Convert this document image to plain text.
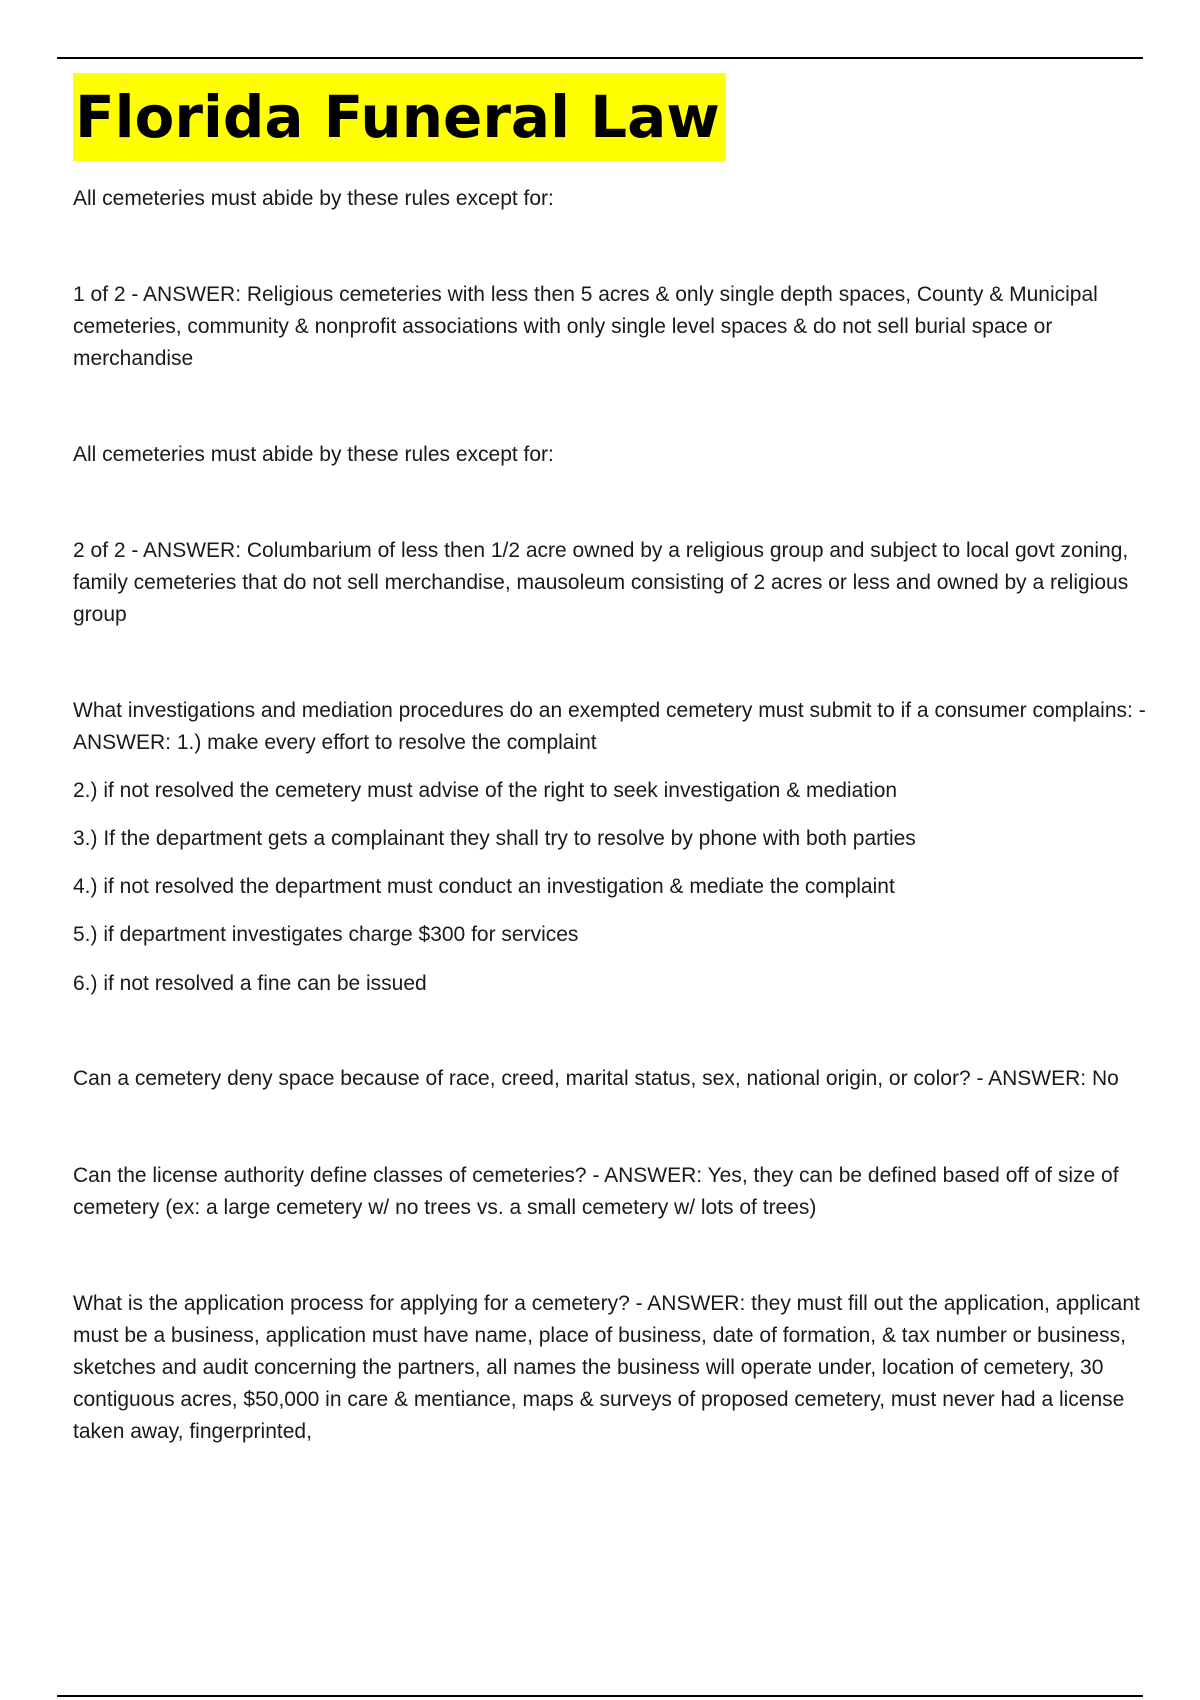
Florida Funeral Law

All cemeteries must abide by these rules except for:

1 of 2 - ANSWER: Religious cemeteries with less then 5 acres & only single depth spaces, County & Municipal cemeteries, community & nonprofit associations with only single level spaces & do not sell burial space or merchandise

All cemeteries must abide by these rules except for:

2 of 2 - ANSWER: Columbarium of less then 1/2 acre owned by a religious group and subject to local govt zoning, family cemeteries that do not sell merchandise, mausoleum consisting of 2 acres or less and owned by a religious group

What investigations and mediation procedures do an exempted cemetery must submit to if a consumer complains: - ANSWER: 1.) make every effort to resolve the complaint

2.) if not resolved the cemetery must advise of the right to seek investigation & mediation

3.) If the department gets a complainant they shall try to resolve by phone with both parties

4.) if not resolved the department must conduct an investigation & mediate the complaint

5.) if department investigates charge $300 for services

6.) if not resolved a fine can be issued

Can a cemetery deny space because of race, creed, marital status, sex, national origin, or color? - ANSWER: No

Can the license authority define classes of cemeteries? - ANSWER: Yes, they can be defined based off of size of cemetery (ex: a large cemetery w/ no trees vs. a small cemetery w/ lots of trees)

What is the application process for applying for a cemetery? - ANSWER: they must fill out the application, applicant must be a business, application must have name, place of business, date of formation, & tax number or business, sketches and audit concerning the partners, all names the business will operate under, location of cemetery, 30 contiguous acres, $50,000 in care & mentiance, maps & surveys of proposed cemetery, must never had a license taken away, fingerprinted,
